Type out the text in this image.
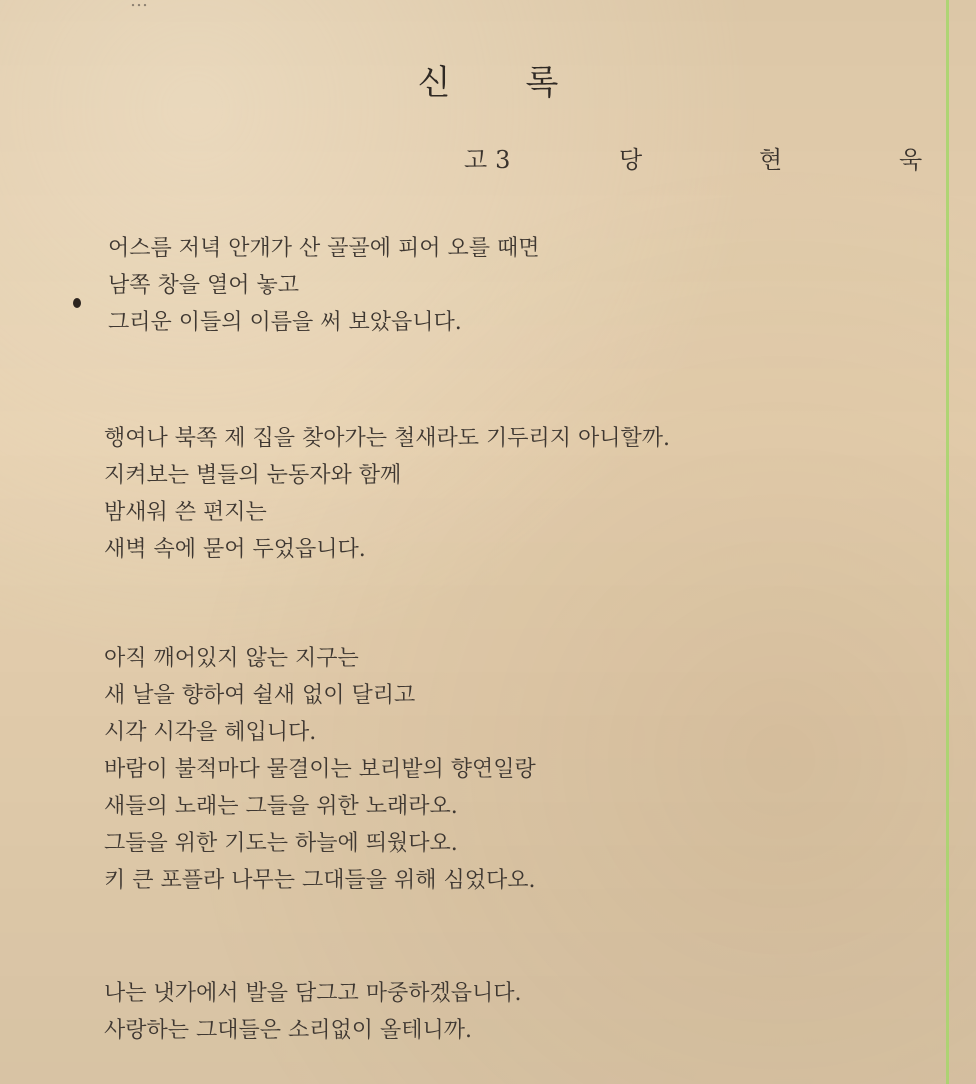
…
신록
고3	당	현	욱
어스름 저녁 안개가 산 골골에 피어 오를 때면
남쪽 창을 열어 놓고
그리운 이들의 이름을 써 보았읍니다.
행여나 북쪽 제 집을 찾아가는 철새라도 기두리지 아니할까.
지켜보는 별들의 눈동자와 함께
밤새워 쓴 편지는
새벽 속에 묻어 두었읍니다.
아직 깨어있지 않는 지구는
새 날을 향하여 쉴새 없이 달리고
시각 시각을 헤입니다.
바람이 불적마다 물결이는 보리밭의 향연일랑
새들의 노래는 그들을 위한 노래라오.
그들을 위한 기도는 하늘에 띄웠다오.
키 큰 포플라 나무는 그대들을 위해 심었다오.
나는 냇가에서 발을 담그고 마중하겠읍니다.
사랑하는 그대들은 소리없이 올테니까.
